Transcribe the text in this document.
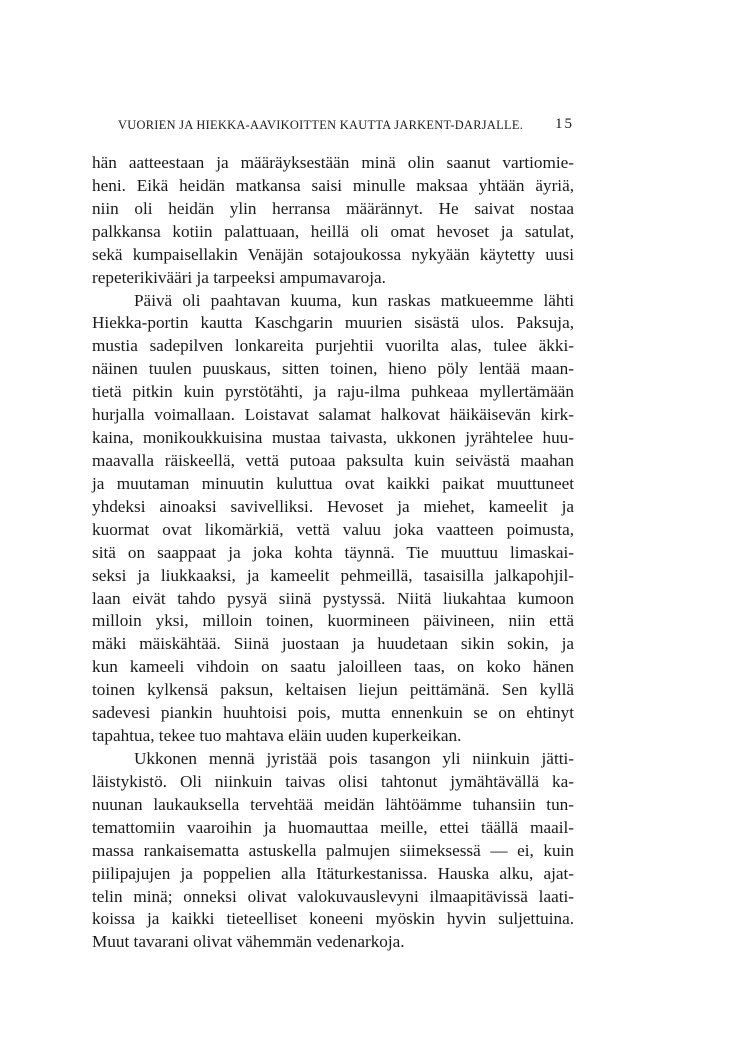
VUORIEN JA HIEKKA-AAVIKOITTEN KAUTTA JARKENT-DARJALLE. 15
hän aatteestaan ja määräyksestään minä olin saanut vartiomie-
heni. Eikä heidän matkansa saisi minulle maksaa yhtään äyriä,
niin oli heidän ylin herransa määrännyt. He saivat nostaa
palkkansa kotiin palattuaan, heillä oli omat hevoset ja satulat,
sekä kumpaisellakin Venäjän sotajoukossa nykyään käytetty uusi
repeterikivääri ja tarpeeksi ampumavaroja.
Päivä oli paahtavan kuuma, kun raskas matkueemme lähti
Hiekka-portin kautta Kaschgarin muurien sisästä ulos. Paksuja,
mustia sadepilven lonkareita purjehtii vuorilta alas, tulee äkki-
näinen tuulen puuskaus, sitten toinen, hieno pöly lentää maan-
tietä pitkin kuin pyrstötähti, ja raju-ilma puhkeaa myllertämään
hurjalla voimallaan. Loistavat salamat halkovat häikäisevän kirk-
kaina, monikoukkuisina mustaa taivasta, ukkonen jyrähtelee huu-
maavalla räiskeellä, vettä putoaa paksulta kuin seivästä maahan
ja muutaman minuutin kuluttua ovat kaikki paikat muuttuneet
yhdeksi ainoaksi savivelliksi. Hevoset ja miehet, kameelit ja
kuormat ovat likomärkiä, vettä valuu joka vaatteen poimusta,
sitä on saappaat ja joka kohta täynnä. Tie muuttuu limaskai-
seksi ja liukkaaksi, ja kameelit pehmeillä, tasaisilla jalkapohjil-
laan eivät tahdo pysyä siinä pystyssä. Niitä liukahtaa kumoon
milloin yksi, milloin toinen, kuormineen päivineen, niin että
mäki mäiskähtää. Siinä juostaan ja huudetaan sikin sokin, ja
kun kameeli vihdoin on saatu jaloilleen taas, on koko hänen
toinen kylkensä paksun, keltaisen liejun peittämänä. Sen kyllä
sadevesi piankin huuhtoisi pois, mutta ennenkuin se on ehtinyt
tapahtua, tekee tuo mahtava eläin uuden kuperkeikan.
Ukkonen mennä jyristää pois tasangon yli niinkuin jätti-
läistykistö. Oli niinkuin taivas olisi tahtonut jymähtävällä ka-
nuunan laukauksella tervehtää meidän lähtöämme tuhansiin tun-
temattomiin vaaroihin ja huomauttaa meille, ettei täällä maail-
massa rankaisematta astuskella palmujen siimeksessä — ei, kuin
piilipajujen ja poppelien alla Itäturkestanissa. Hauska alku, ajat-
telin minä; onneksi olivat valokuvauslevyni ilmaapitävissä laati-
koissa ja kaikki tieteelliset koneeni myöskin hyvin suljettuina.
Muut tavarani olivat vähemmän vedenarkoja.
